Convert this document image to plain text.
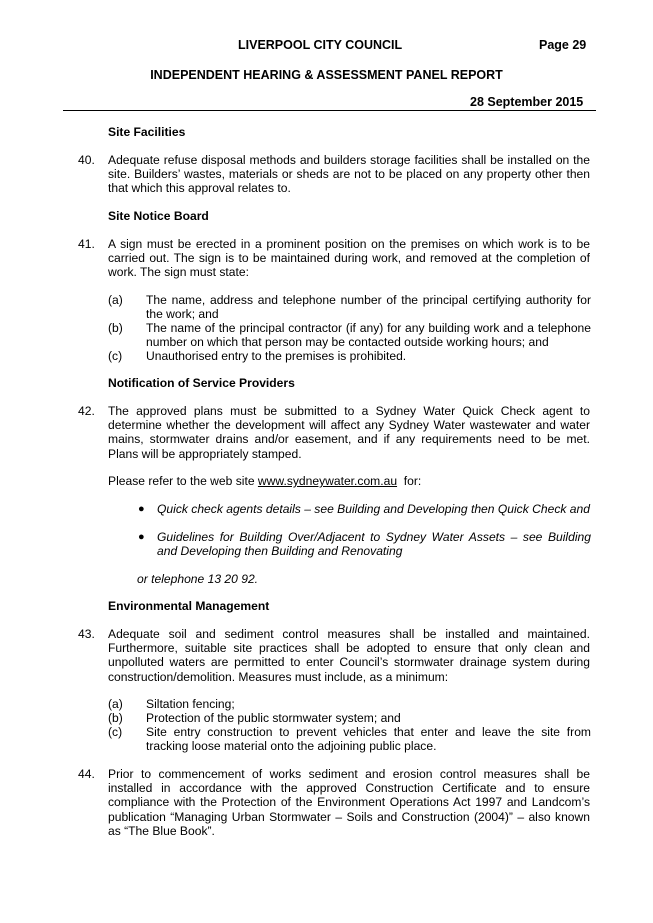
LIVERPOOL CITY COUNCIL	Page 29
INDEPENDENT HEARING & ASSESSMENT PANEL REPORT
28 September 2015
Site Facilities
40. Adequate refuse disposal methods and builders storage facilities shall be installed on the site. Builders’ wastes, materials or sheds are not to be placed on any property other then that which this approval relates to.
Site Notice Board
41. A sign must be erected in a prominent position on the premises on which work is to be carried out. The sign is to be maintained during work, and removed at the completion of work. The sign must state:
(a) The name, address and telephone number of the principal certifying authority for the work; and
(b) The name of the principal contractor (if any) for any building work and a telephone number on which that person may be contacted outside working hours; and
(c) Unauthorised entry to the premises is prohibited.
Notification of Service Providers
42. The approved plans must be submitted to a Sydney Water Quick Check agent to determine whether the development will affect any Sydney Water wastewater and water mains, stormwater drains and/or easement, and if any requirements need to be met. Plans will be appropriately stamped.
Please refer to the web site www.sydneywater.com.au  for:
● Quick check agents details – see Building and Developing then Quick Check and
● Guidelines for Building Over/Adjacent to Sydney Water Assets – see Building and Developing then Building and Renovating
or telephone 13 20 92.
Environmental Management
43. Adequate soil and sediment control measures shall be installed and maintained. Furthermore, suitable site practices shall be adopted to ensure that only clean and unpolluted waters are permitted to enter Council’s stormwater drainage system during construction/demolition. Measures must include, as a minimum:
(a) Siltation fencing;
(b) Protection of the public stormwater system; and
(c) Site entry construction to prevent vehicles that enter and leave the site from tracking loose material onto the adjoining public place.
44. Prior to commencement of works sediment and erosion control measures shall be installed in accordance with the approved Construction Certificate and to ensure compliance with the Protection of the Environment Operations Act 1997 and Landcom’s publication “Managing Urban Stormwater – Soils and Construction (2004)” – also known as “The Blue Book”.
